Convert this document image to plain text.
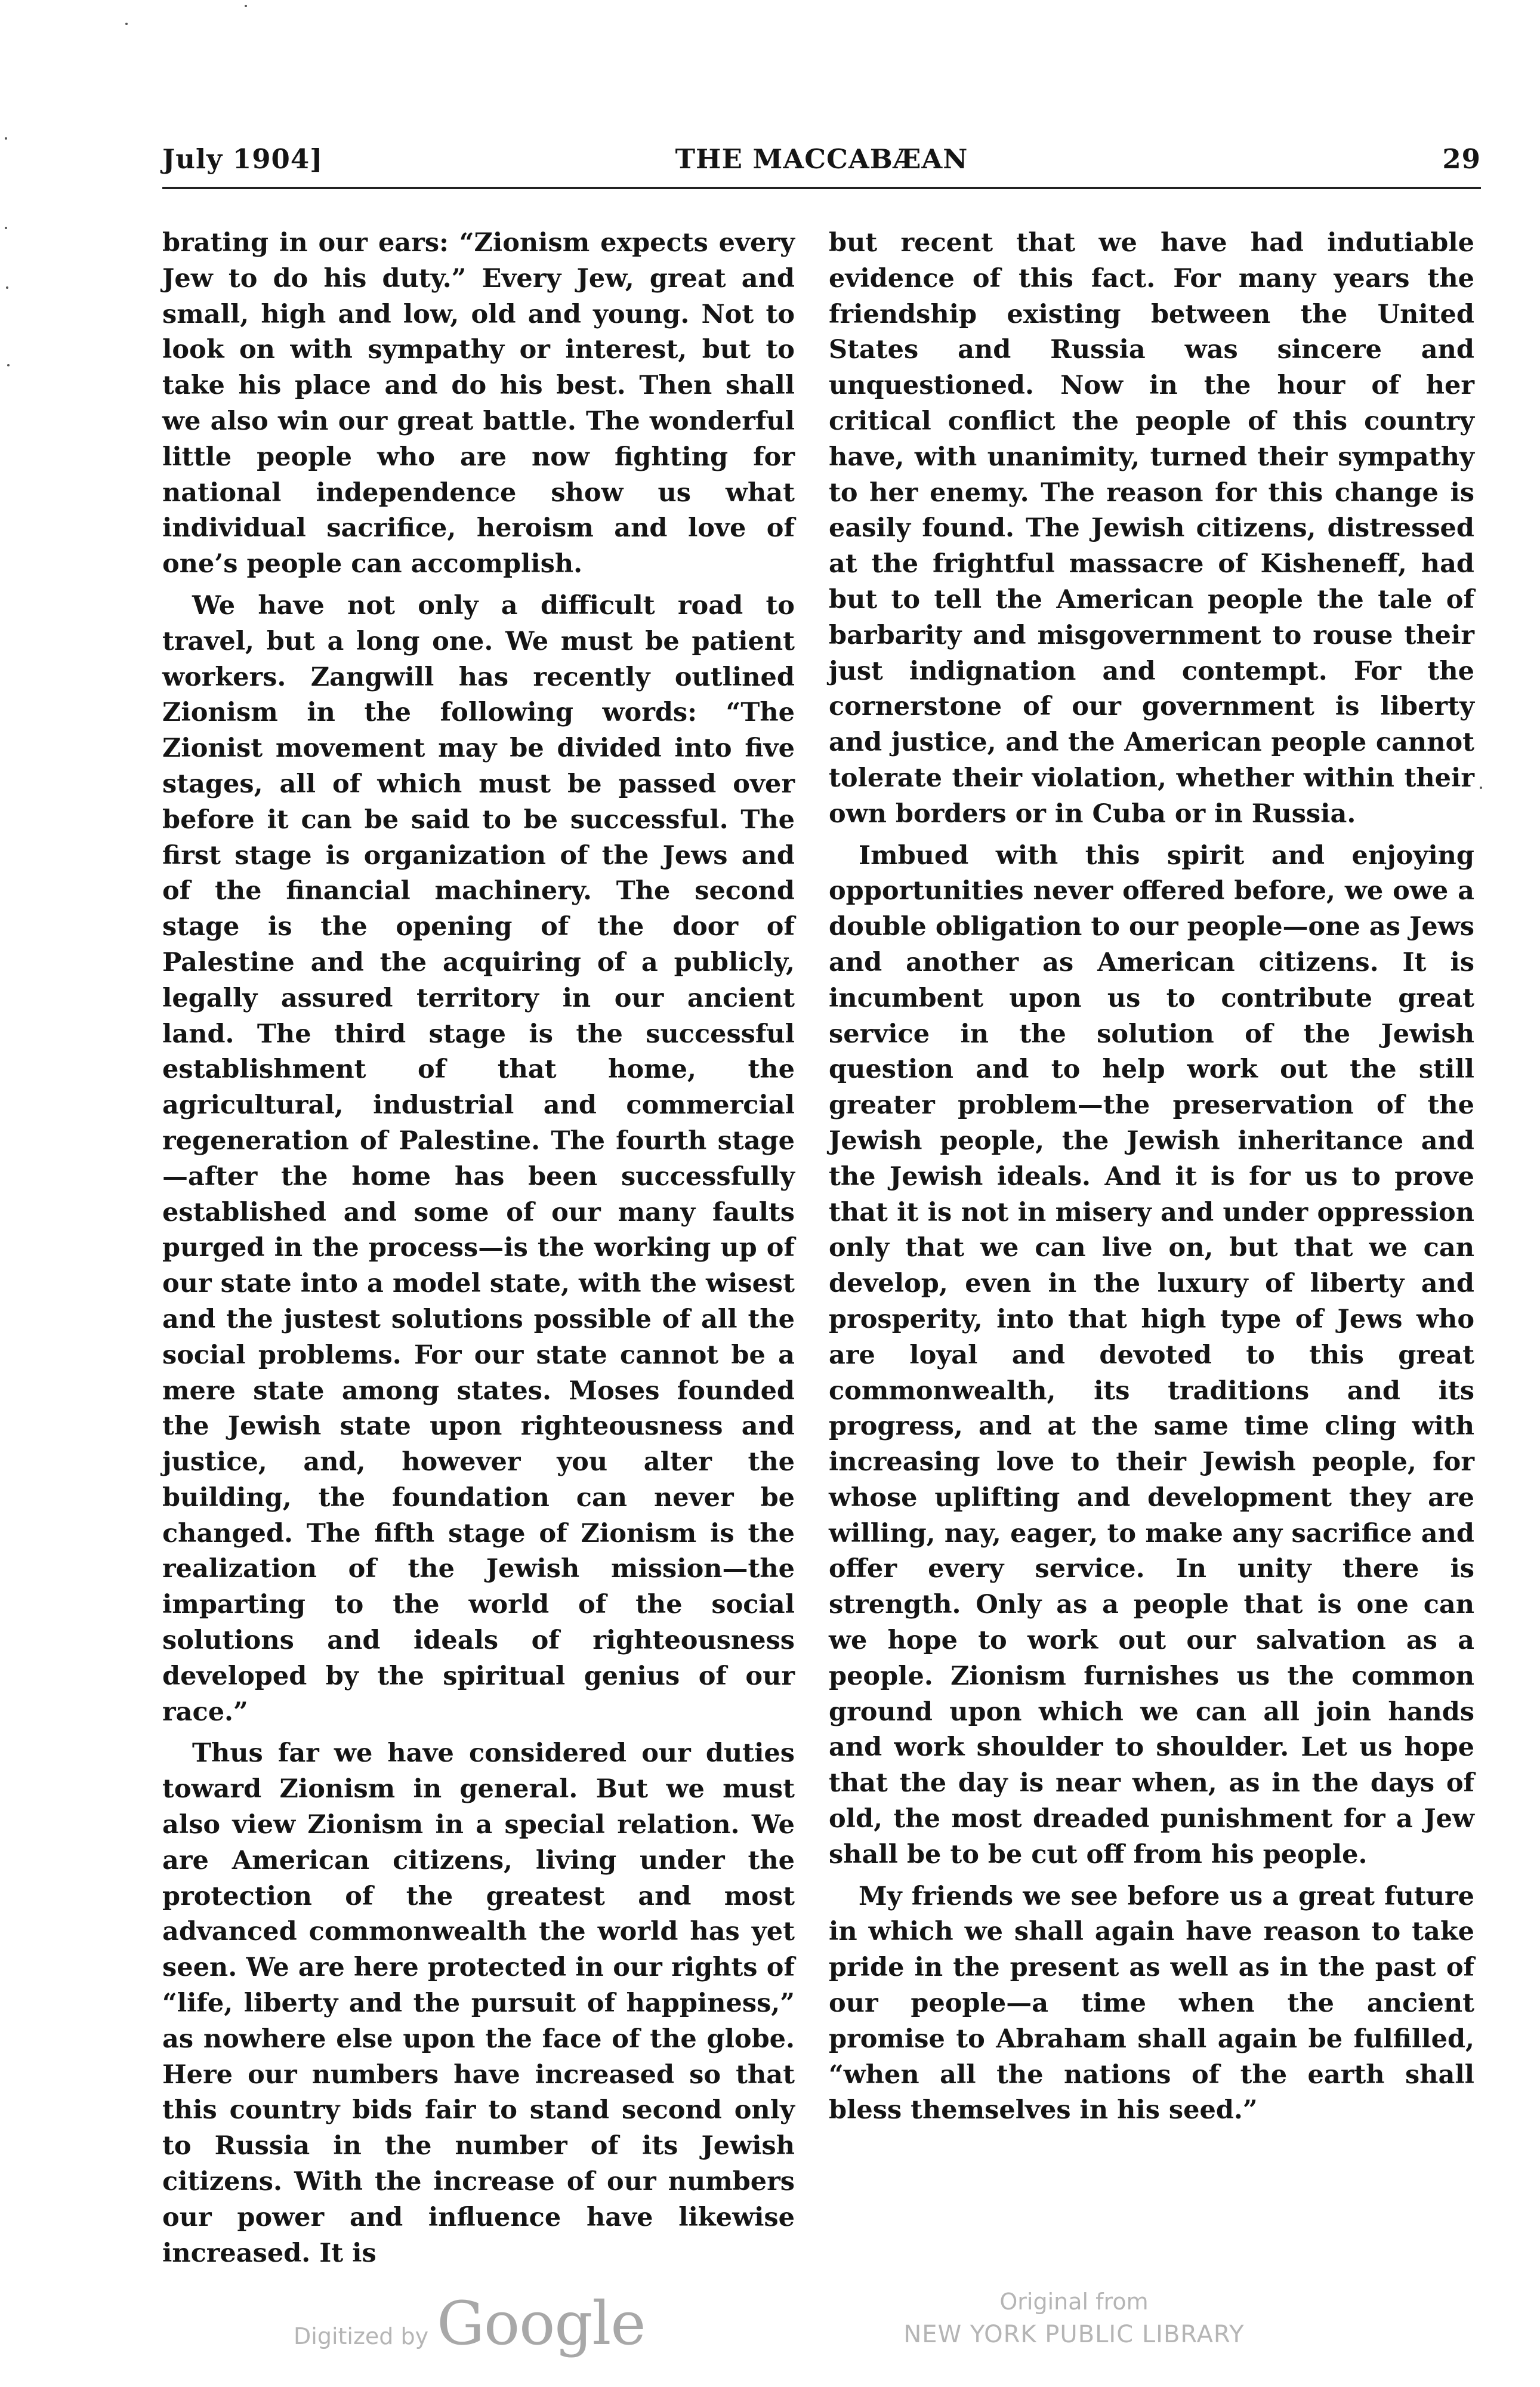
July 1904]	THE MACCABÆAN	29

brating in our ears: “Zionism expects every Jew to do his duty.” Every Jew, great and small, high and low, old and young. Not to look on with sympathy or interest, but to take his place and do his best. Then shall we also win our great battle. The wonderful little people who are now fighting for national independence show us what individual sacrifice, heroism and love of one’s people can accomplish.

We have not only a difficult road to travel, but a long one. We must be patient workers. Zangwill has recently outlined Zionism in the following words: “The Zionist movement may be divided into five stages, all of which must be passed over before it can be said to be successful. The first stage is organization of the Jews and of the financial machinery. The second stage is the opening of the door of Palestine and the acquiring of a publicly, legally assured territory in our ancient land. The third stage is the successful establishment of that home, the agricultural, industrial and commercial regeneration of Palestine. The fourth stage —after the home has been successfully established and some of our many faults purged in the process—is the working up of our state into a model state, with the wisest and the justest solutions possible of all the social problems. For our state cannot be a mere state among states. Moses founded the Jewish state upon righteousness and justice, and, however you alter the building, the foundation can never be changed. The fifth stage of Zionism is the realization of the Jewish mission—the imparting to the world of the social solutions and ideals of righteousness developed by the spiritual genius of our race.”

Thus far we have considered our duties toward Zionism in general. But we must also view Zionism in a special relation. We are American citizens, living under the protection of the greatest and most advanced commonwealth the world has yet seen. We are here protected in our rights of “life, liberty and the pursuit of happiness,” as nowhere else upon the face of the globe. Here our numbers have increased so that this country bids fair to stand second only to Russia in the number of its Jewish citizens. With the increase of our numbers our power and influence have likewise increased. It is

but recent that we have had indutiable evidence of this fact. For many years the friendship existing between the United States and Russia was sincere and unquestioned. Now in the hour of her critical conflict the people of this country have, with unanimity, turned their sympathy to her enemy. The reason for this change is easily found. The Jewish citizens, distressed at the frightful massacre of Kisheneff, had but to tell the American people the tale of barbarity and misgovernment to rouse their just indignation and contempt. For the cornerstone of our government is liberty and justice, and the American people cannot tolerate their violation, whether within their own borders or in Cuba or in Russia.

Imbued with this spirit and enjoying opportunities never offered before, we owe a double obligation to our people—one as Jews and another as American citizens. It is incumbent upon us to contribute great service in the solution of the Jewish question and to help work out the still greater problem—the preservation of the Jewish people, the Jewish inheritance and the Jewish ideals. And it is for us to prove that it is not in misery and under oppression only that we can live on, but that we can develop, even in the luxury of liberty and prosperity, into that high type of Jews who are loyal and devoted to this great commonwealth, its traditions and its progress, and at the same time cling with increasing love to their Jewish people, for whose uplifting and development they are willing, nay, eager, to make any sacrifice and offer every service. In unity there is strength. Only as a people that is one can we hope to work out our salvation as a people. Zionism furnishes us the common ground upon which we can all join hands and work shoulder to shoulder. Let us hope that the day is near when, as in the days of old, the most dreaded punishment for a Jew shall be to be cut off from his people.

My friends we see before us a great future in which we shall again have reason to take pride in the present as well as in the past of our people—a time when the ancient promise to Abraham shall again be fulfilled, “when all the nations of the earth shall bless themselves in his seed.”

Digitized by Google	Original from
NEW YORK PUBLIC LIBRARY
